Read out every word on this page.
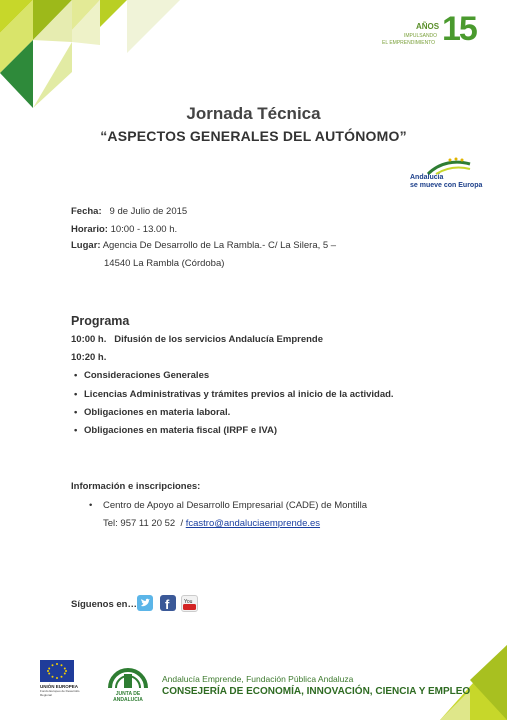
AÑOS
IMPULSANDO
EL EMPRENDIMIENTO 15
Jornada Técnica
“ASPECTOS GENERALES DEL AUTÓNOMO”
Andalucía
se mueve con Europa
Fecha: 9 de Julio de 2015
Horario: 10:00 - 13.00 h.
Lugar: Agencia De Desarrollo de La Rambla.- C/ La Silera, 5 –
14540 La Rambla (Córdoba)
Programa
10:00 h.   Difusión de los servicios Andalucía Emprende
10:20 h.
• Consideraciones Generales
• Licencias Administrativas y trámites previos al inicio de la actividad.
• Obligaciones en materia laboral.
• Obligaciones en materia fiscal (IRPF e IVA)
Información e inscripciones:
• Centro de Apoyo al Desarrollo Empresarial (CADE) de Montilla
Tel: 957 11 20 52  / fcastro@andaluciaemprende.es
Síguenos en… f	You
UNIÓN EUROPEA
Fondo Europeo de Desarrollo Regional	JUNTA DE ANDALUCIA
Andalucía Emprende, Fundación Pública Andaluza
CONSEJERÍA DE ECONOMÍA, INNOVACIÓN, CIENCIA Y EMPLEO
